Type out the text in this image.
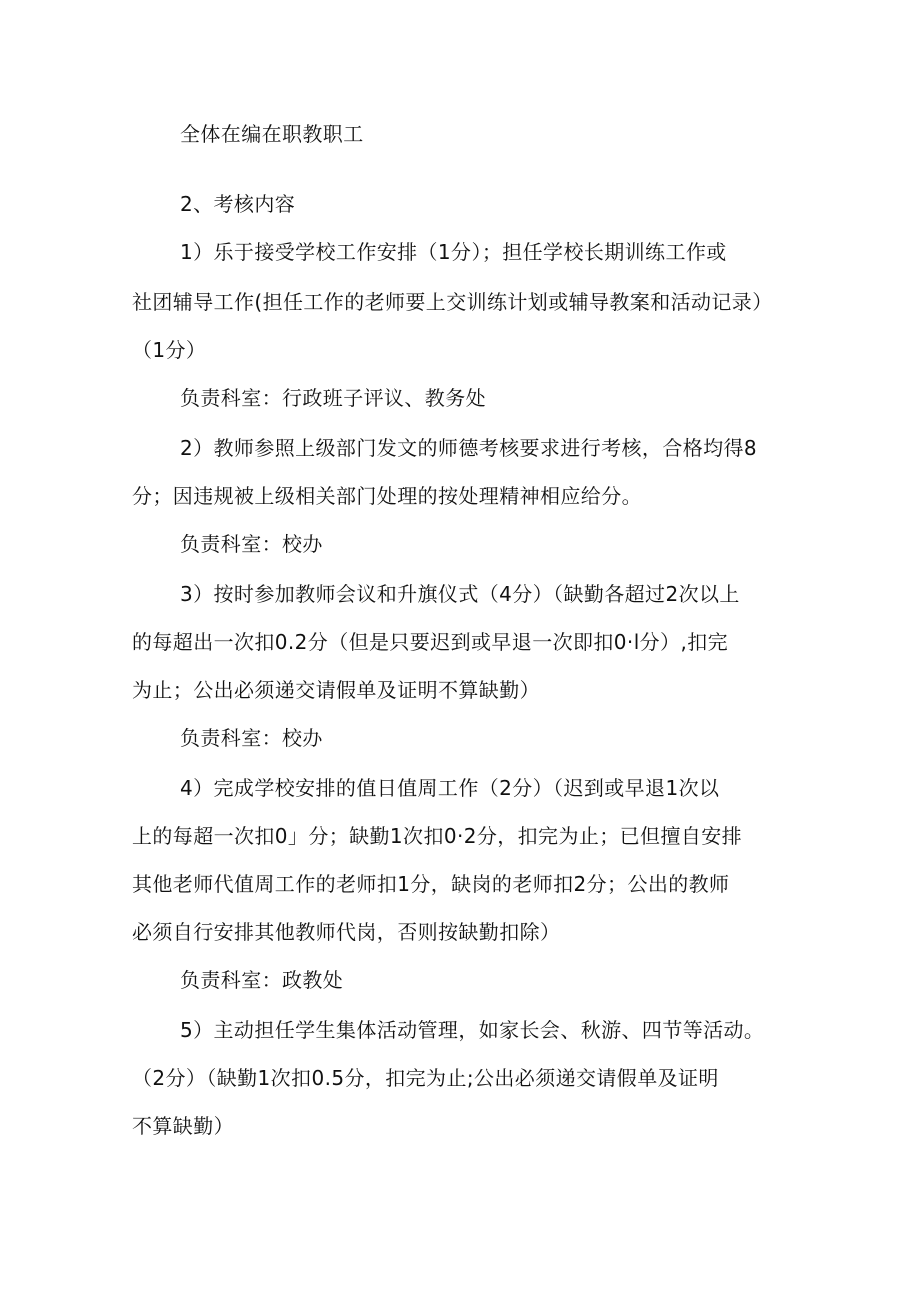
全体在编在职教职工
2、考核内容
1）乐于接受学校工作安排（1分）；担任学校长期训练工作或
社团辅导工作(担任工作的老师要上交训练计划或辅导教案和活动记录）
（1分）
负责科室：行政班子评议、教务处
2）教师参照上级部门发文的师德考核要求进行考核，合格均得8
分；因违规被上级相关部门处理的按处理精神相应给分。
负责科室：校办
3）按时参加教师会议和升旗仪式（4分）（缺勤各超过2次以上
的每超出一次扣0.2分（但是只要迟到或早退一次即扣0·l分）,扣完
为止；公出必须递交请假单及证明不算缺勤）
负责科室：校办
4）完成学校安排的值日值周工作（2分）（迟到或早退1次以
上的每超一次扣0」分；缺勤1次扣0·2分，扣完为止；已但擅自安排
其他老师代值周工作的老师扣1分，缺岗的老师扣2分；公出的教师
必须自行安排其他教师代岗，否则按缺勤扣除）
负责科室：政教处
5）主动担任学生集体活动管理，如家长会、秋游、四节等活动。
（2分）（缺勤1次扣0.5分，扣完为止;公出必须递交请假单及证明
不算缺勤）
